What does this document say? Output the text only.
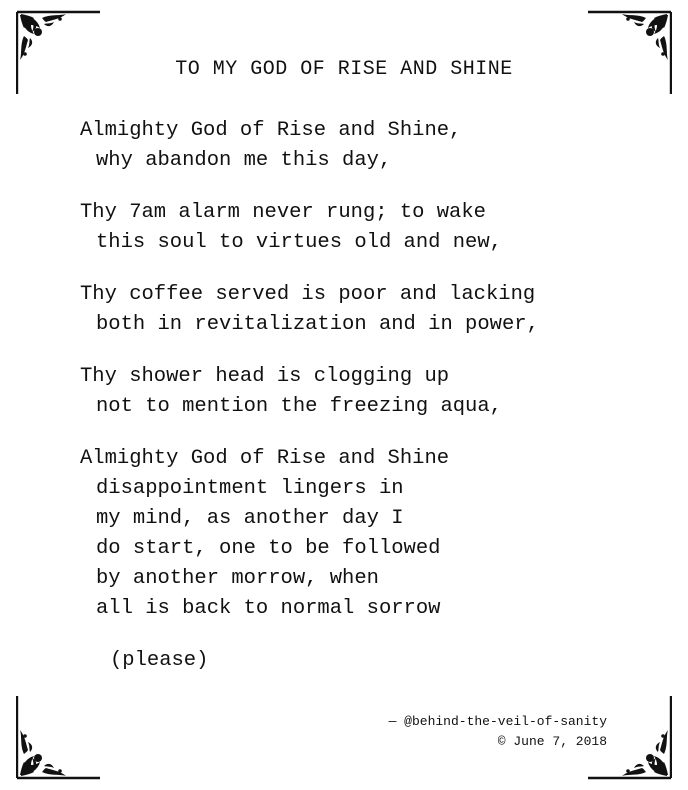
TO MY GOD OF RISE AND SHINE
Almighty God of Rise and Shine,
why abandon me this day,
Thy 7am alarm never rung; to wake
this soul to virtues old and new,
Thy coffee served is poor and lacking
both in revitalization and in power,
Thy shower head is clogging up
not to mention the freezing aqua,
Almighty God of Rise and Shine
disappointment lingers in
my mind, as another day I
do start, one to be followed
by another morrow, when
all is back to normal sorrow
(please)
— @behind-the-veil-of-sanity
© June 7, 2018
